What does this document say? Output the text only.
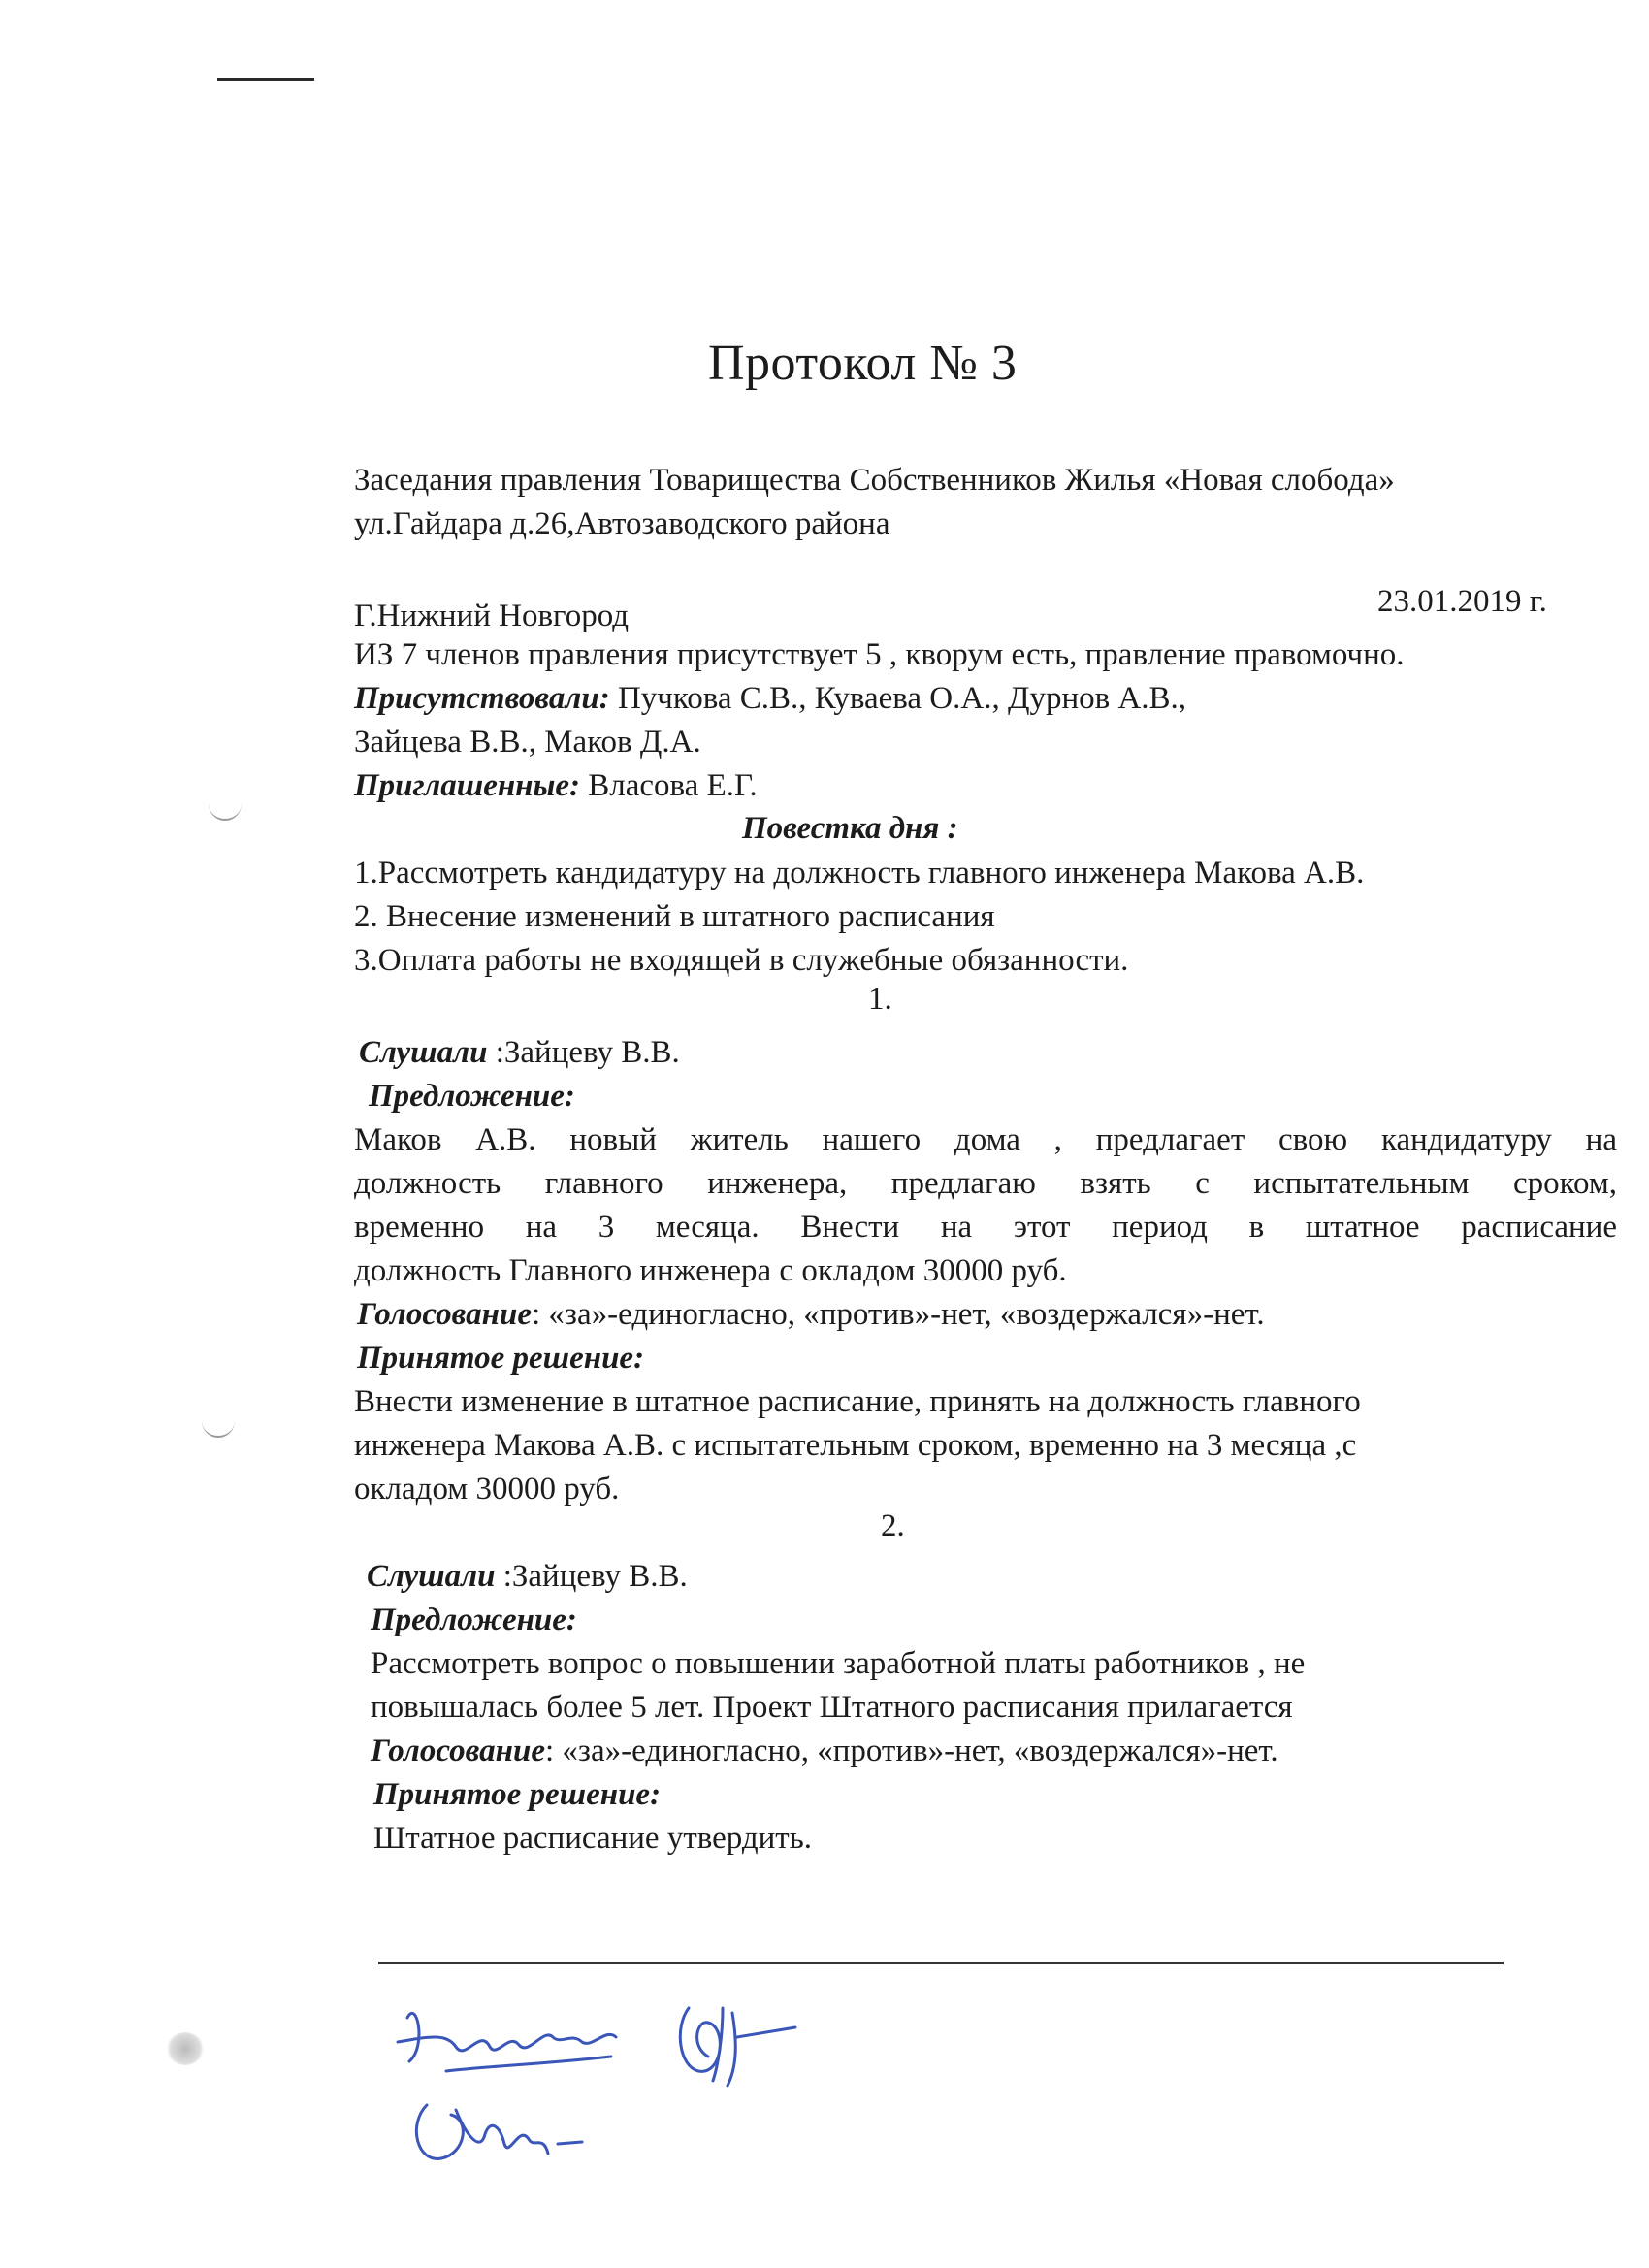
Протокол № 3
Заседания правления Товарищества Собственников Жилья «Новая слобода»
ул.Гайдара д.26,Автозаводского района
Г.Нижний Новгород	23.01.2019 г.
ИЗ 7 членов правления присутствует 5 , кворум есть, правление правомочно.
Присутствовали: Пучкова С.В., Куваева О.А., Дурнов А.В.,
Зайцева В.В., Маков Д.А.
Приглашенные: Власова Е.Г.
Повестка дня :
1.Рассмотреть кандидатуру на должность главного инженера Макова А.В.
2. Внесение изменений в штатного расписания
3.Оплата работы не входящей в служебные обязанности.
1.
Слушали :Зайцеву В.В.
Предложение:
Маков А.В. новый житель нашего дома , предлагает свою кандидатуру на
должность главного инженера, предлагаю взять с испытательным сроком,
временно на 3 месяца. Внести на этот период в штатное расписание
должность Главного инженера с окладом 30000 руб.
Голосование: «за»-единогласно, «против»-нет, «воздержался»-нет.
Принятое решение:
Внести изменение в штатное расписание, принять на должность главного
инженера Макова А.В. с испытательным сроком, временно на 3 месяца ,с
окладом 30000 руб.
2.
Слушали :Зайцеву В.В.
Предложение:
Рассмотреть вопрос о повышении заработной платы работников , не
повышалась более 5 лет. Проект Штатного расписания прилагается
Голосование: «за»-единогласно, «против»-нет, «воздержался»-нет.
Принятое решение:
Штатное расписание утвердить.
